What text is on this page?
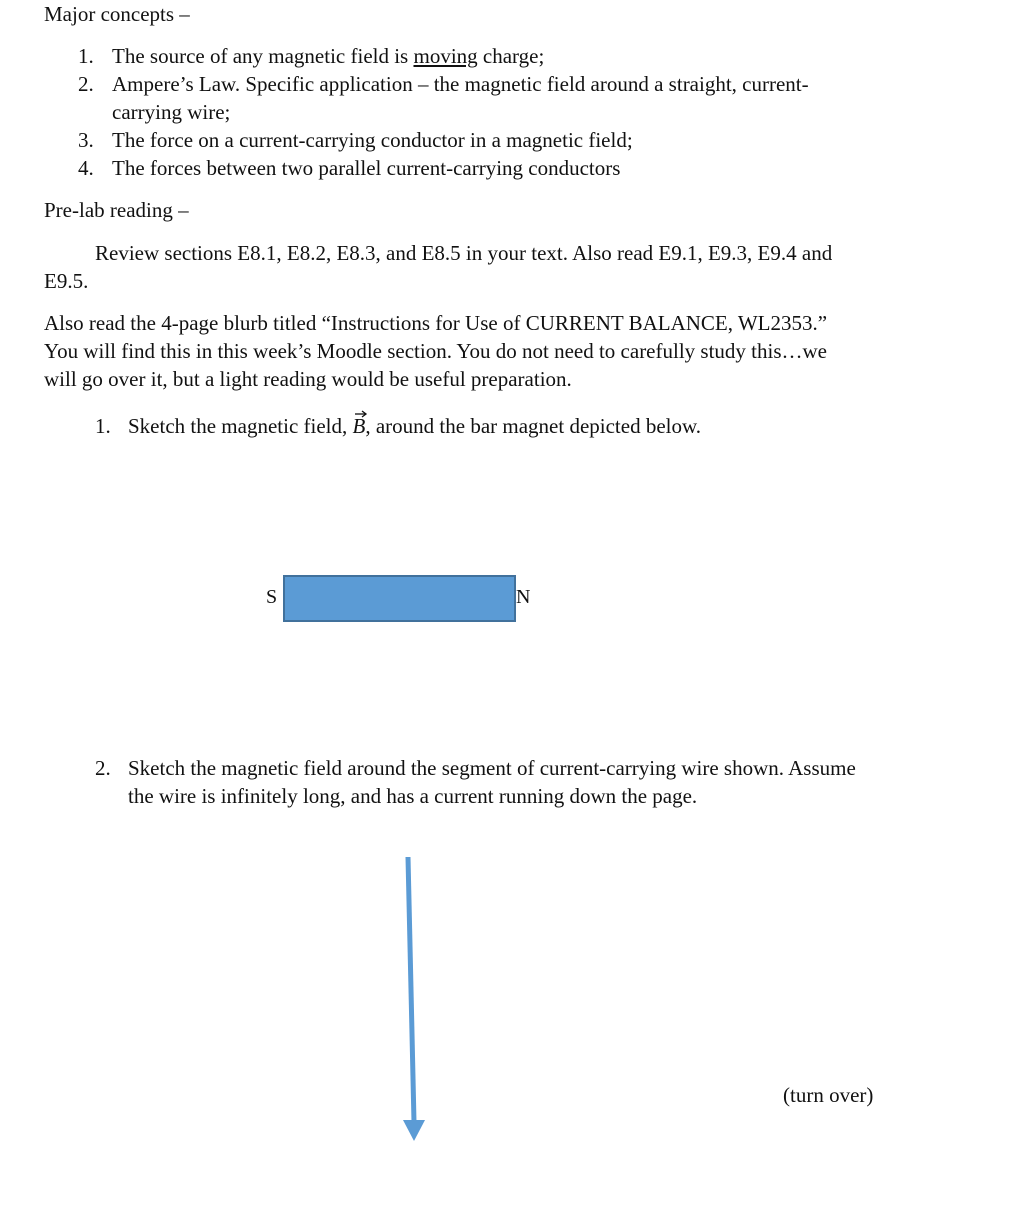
Major concepts –
1. The source of any magnetic field is moving charge;
2. Ampere’s Law. Specific application – the magnetic field around a straight, current-
carrying wire;
3. The force on a current-carrying conductor in a magnetic field;
4. The forces between two parallel current-carrying conductors
Pre-lab reading –
Review sections E8.1, E8.2, E8.3, and E8.5 in your text. Also read E9.1, E9.3, E9.4 and
E9.5.
Also read the 4-page blurb titled “Instructions for Use of CURRENT BALANCE, WL2353.”
You will find this in this week’s Moodle section. You do not need to carefully study this…we
will go over it, but a light reading would be useful preparation.
1. Sketch the magnetic field, B
, around the bar magnet depicted below.
S	N
2. Sketch the magnetic field around the segment of current-carrying wire shown. Assume
the wire is infinitely long, and has a current running down the page.
(turn over)
